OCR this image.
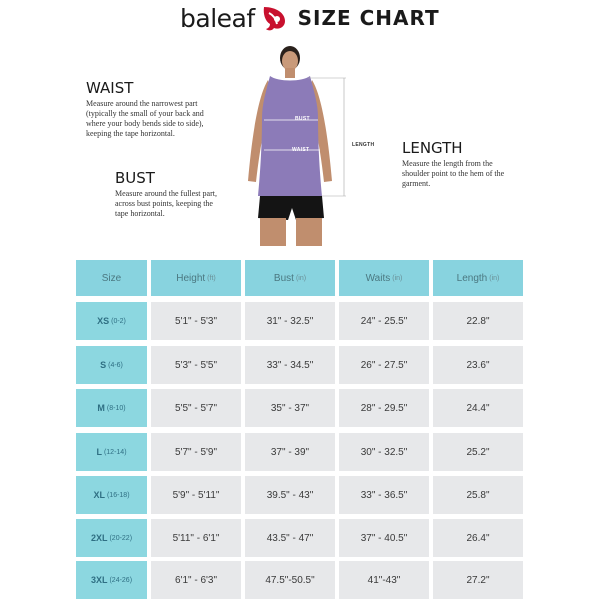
baleaf SIZE CHART
WAIST
Measure around the narrowest part
(typically the small of your back and
where your body bends side to side),
keeping the tape horizontal.
BUST
Measure around the fullest part,
across bust points, keeping the
tape horizontal.
LENGTH
Measure the length from the
shoulder point to the hem of the
garment.
BUST
WAIST
LENGTH
Size	Height (ft)	Bust (in)	Waits (in)	Length (in)
XS (0-2)	5'1" - 5'3"	31" - 32.5"	24" - 25.5"	22.8"
S (4-6)	5'3" - 5'5"	33" - 34.5"	26" - 27.5"	23.6"
M (8-10)	5'5" - 5'7"	35" - 37"	28" - 29.5"	24.4"
L (12-14)	5'7" - 5'9"	37" - 39"	30" - 32.5"	25.2"
XL (16-18)	5'9" - 5'11"	39.5" - 43"	33" - 36.5"	25.8"
2XL (20-22)	5'11" - 6'1"	43.5" - 47"	37" - 40.5"	26.4"
3XL (24-26)	6'1" - 6'3"	47.5"-50.5"	41"-43"	27.2"
